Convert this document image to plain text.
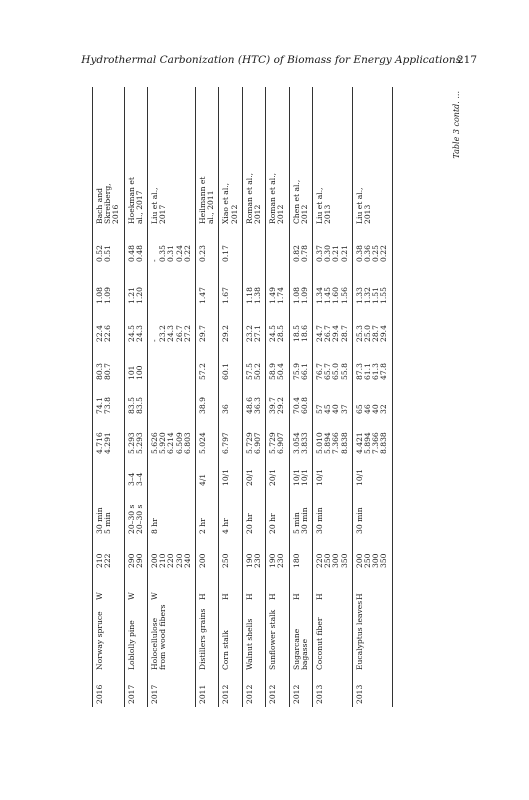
Hydrothermal Carbonization (HTC) of Biomass for Energy Applications
217
2016	Norway spruce	W	210 222	30 min 5 min		4.716 4.291	74.1 73.8	80.3 80.7	22.4 22.6	1.08 1.09	0.52 0.51	Bach and Skreiberg, 2016

2017	Loblolly pine	W	290 290	20–30 s 20–30 s	3–4 3–4	5.293 5.293	83.5 83.5	101 100	24.5 24.3	1.21 1.20	0.48 0.48	Hoekman et al., 2017

2017	Holocellulose from wood fibers	W	200 210 220 230 240	8 hr		5.626 5.920 6.214 6.509 6.803			- 23.2 24.3 26.7 27.2		- 0.35 0.31 0.24 0.22	Liu et al., 2017

2011	Distillers grains	H	200	2 hr	4/1	5.024	38.9	57.2	29.7	1.47	0.23	Heilmann et al., 2011

2012	Corn stalk	H	250	4 hr	10/1	6.797	36	60.1	29.2	1.67	0.17	Xiao et al., 2012

2012	Walnut shells	H	190 230	20 hr	20/1	5.729 6.907	48.6 36.3	57.5 50.2	23.2 27.1	1.18 1.38		Roman et al., 2012

2012	Sunflower stalk	H	190 230	20 hr	20/1	5.729 6.907	39.7 29.2	58.9 50.4	24.5 28.5	1.49 1.74		Roman et al., 2012

2012	Sugarcane bagasse	H	180	5 min 30 min	10/1 10/1	3.054 3.833	70.4 60.8	75.9 66.1	18.5 18.6	1.08 1.09	0.82 0.78	Chen et al., 2012

2013	Coconut fiber	H	220 250 300 350	30 min	10/1	5.010 5.894 7.366 8.838	57 45 40 37	76.7 65.7 65.0 55.8	24.7 26.7 29.4 28.7	1.34 1.45 1.60 1.56	0.37 0.30 0.21 0.21	Liu et al., 2013

2013	Eucalyptus leaves	H	200 250 300 350	30 min	10/1	4.421 5.894 7.366 8.838	65 46 40 32	87.3 61.1 61.3 47.8	25.3 25.0 28.7 29.4	1.33 1.32 1.51 1.55	0.38 0.36 0.25 0.22	Liu et al., 2013
Table 3 contd. ...
